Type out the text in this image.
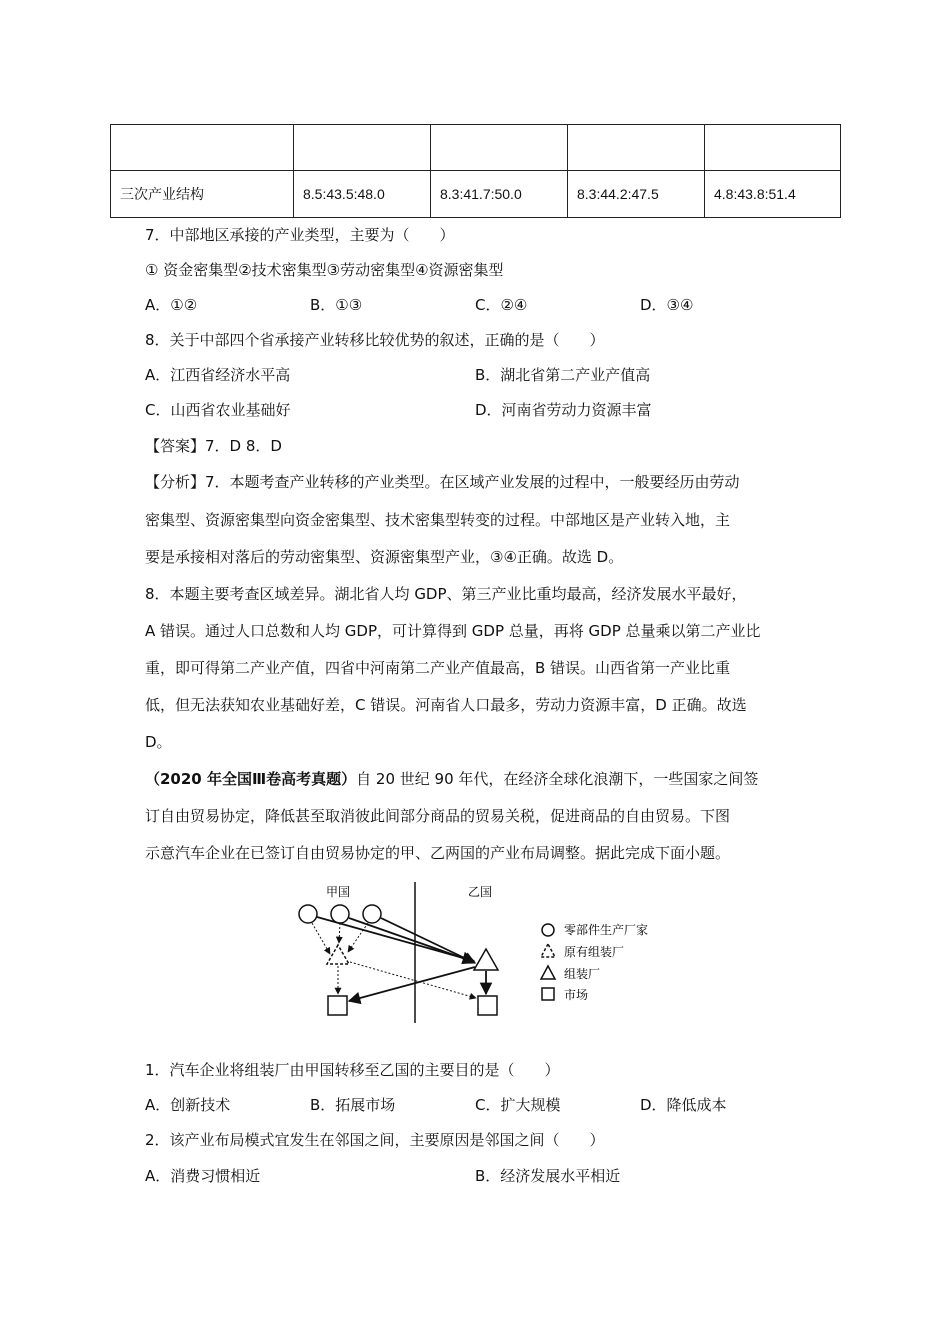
三次产业结构	8.5:43.5:48.0	8.3:41.7:50.0	8.3:44.2:47.5	4.8:43.8:51.4
7．中部地区承接的产业类型，主要为（　　）
① 资金密集型②技术密集型③劳动密集型④资源密集型
A．①②	B．①③	C．②④	D．③④
8．关于中部四个省承接产业转移比较优势的叙述，正确的是（　　）
A．江西省经济水平高	B．湖北省第二产业产值高
C．山西省农业基础好	D．河南省劳动力资源丰富
【答案】7．D 8．D
【分析】7．本题考查产业转移的产业类型。在区域产业发展的过程中，一般要经历由劳动
密集型、资源密集型向资金密集型、技术密集型转变的过程。中部地区是产业转入地，主
要是承接相对落后的劳动密集型、资源密集型产业，③④正确。故选 D。
8．本题主要考查区域差异。湖北省人均 GDP、第三产业比重均最高，经济发展水平最好，
A 错误。通过人口总数和人均 GDP，可计算得到 GDP 总量，再将 GDP 总量乘以第二产业比
重，即可得第二产业产值，四省中河南第二产业产值最高，B 错误。山西省第一产业比重
低，但无法获知农业基础好差，C 错误。河南省人口最多，劳动力资源丰富，D 正确。故选
D。
（2020 年全国Ⅲ卷高考真题）自 20 世纪 90 年代，在经济全球化浪潮下，一些国家之间签
订自由贸易协定，降低甚至取消彼此间部分商品的贸易关税，促进商品的自由贸易。下图
示意汽车企业在已签订自由贸易协定的甲、乙两国的产业布局调整。据此完成下面小题。
甲国	乙国
零部件生产厂家
原有组装厂
组装厂
市场
1．汽车企业将组装厂由甲国转移至乙国的主要目的是（　　）
A．创新技术	B．拓展市场	C．扩大规模	D．降低成本
2．该产业布局模式宜发生在邻国之间，主要原因是邻国之间（　　）
A．消费习惯相近	B．经济发展水平相近
